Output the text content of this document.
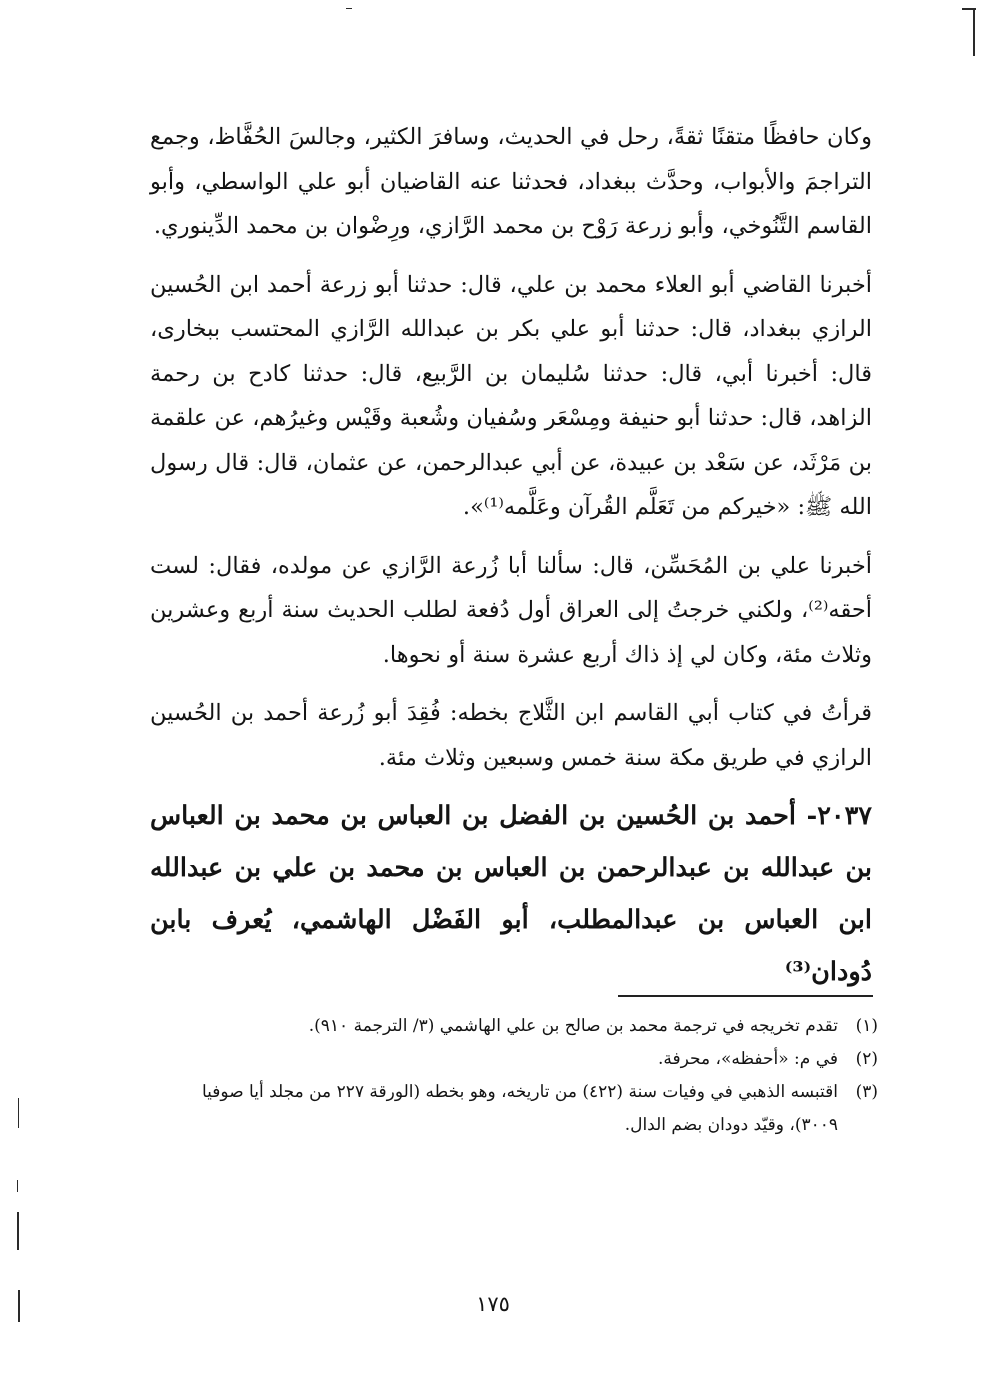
وكان حافظًا متقنًا ثقةً، رحل في الحديث، وسافرَ الكثير، وجالسَ الحُفَّاظ، وجمع التراجمَ والأبواب، وحدَّث ببغداد، فحدثنا عنه القاضيان أبو علي الواسطي، وأبو القاسم التَّنُوخي، وأبو زرعة رَوْح بن محمد الرَّازي، ورِضْوان بن محمد الدِّينوري.

أخبرنا القاضي أبو العلاء محمد بن علي، قال: حدثنا أبو زرعة أحمد ابن الحُسين الرازي ببغداد، قال: حدثنا أبو علي بكر بن عبدالله الرَّازي المحتسب ببخارى، قال: أخبرنا أبي، قال: حدثنا سُليمان بن الرَّبيع، قال: حدثنا كادح بن رحمة الزاهد، قال: حدثنا أبو حنيفة ومِسْعَر وسُفيان وشُعبة وقَيْس وغيرُهم، عن علقمة بن مَرْثَد، عن سَعْد بن عبيدة، عن أبي عبدالرحمن، عن عثمان، قال: قال رسول الله ﷺ: «خيركم من تَعَلَّم القُرآن وعَلَّمه⁽¹⁾».

أخبرنا علي بن المُحَسِّن، قال: سألنا أبا زُرعة الرَّازي عن مولده، فقال: لست أحقه⁽²⁾، ولكني خرجتُ إلى العراق أول دُفعة لطلب الحديث سنة أربع وعشرين وثلاث مئة، وكان لي إذ ذاك أربع عشرة سنة أو نحوها.

قرأتُ في كتاب أبي القاسم ابن الثَّلاج بخطه: فُقِدَ أبو زُرعة أحمد بن الحُسين الرازي في طريق مكة سنة خمس وسبعين وثلاث مئة.

٢٠٣٧- أحمد بن الحُسين بن الفضل بن العباس بن محمد بن العباس بن عبدالله بن عبدالرحمن بن العباس بن محمد بن علي بن عبدالله ابن العباس بن عبدالمطلب، أبو الفَضْل الهاشمي، يُعرف بابن دُودان⁽³⁾

(١)
تقدم تخريجه في ترجمة محمد بن صالح بن علي الهاشمي (٣/ الترجمة ٩١٠).
(٢)
في م: «أحفظه»، محرفة.
(٣)
اقتبسه الذهبي في وفيات سنة (٤٢٢) من تاريخه، وهو بخطه (الورقة ٢٢٧ من مجلد أيا صوفيا ٣٠٠٩)، وقيّد دودان بضم الدال.
١٧٥
